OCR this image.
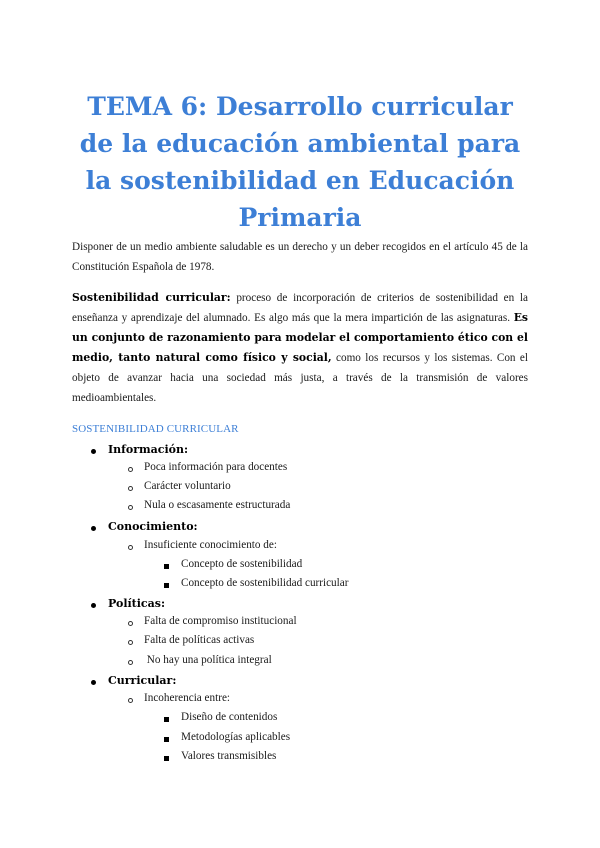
TEMA 6: Desarrollo curricular de la educación ambiental para la sostenibilidad en Educación Primaria

Disponer de un medio ambiente saludable es un derecho y un deber recogidos en el artículo 45 de la Constitución Española de 1978.

Sostenibilidad curricular: proceso de incorporación de criterios de sostenibilidad en la enseñanza y aprendizaje del alumnado. Es algo más que la mera impartición de las asignaturas. Es un conjunto de razonamiento para modelar el comportamiento ético con el medio, tanto natural como físico y social, como los recursos y los sistemas. Con el objeto de avanzar hacia una sociedad más justa, a través de la transmisión de valores medioambientales.

SOSTENIBILIDAD CURRICULAR

Información:

Poca información para docentes

Carácter voluntario

Nula o escasamente estructurada

Conocimiento:

Insuficiente conocimiento de:

Concepto de sostenibilidad

Concepto de sostenibilidad curricular

Políticas:

Falta de compromiso institucional

Falta de políticas activas

No hay una política integral

Curricular:

Incoherencia entre:

Diseño de contenidos

Metodologías aplicables

Valores transmisibles
